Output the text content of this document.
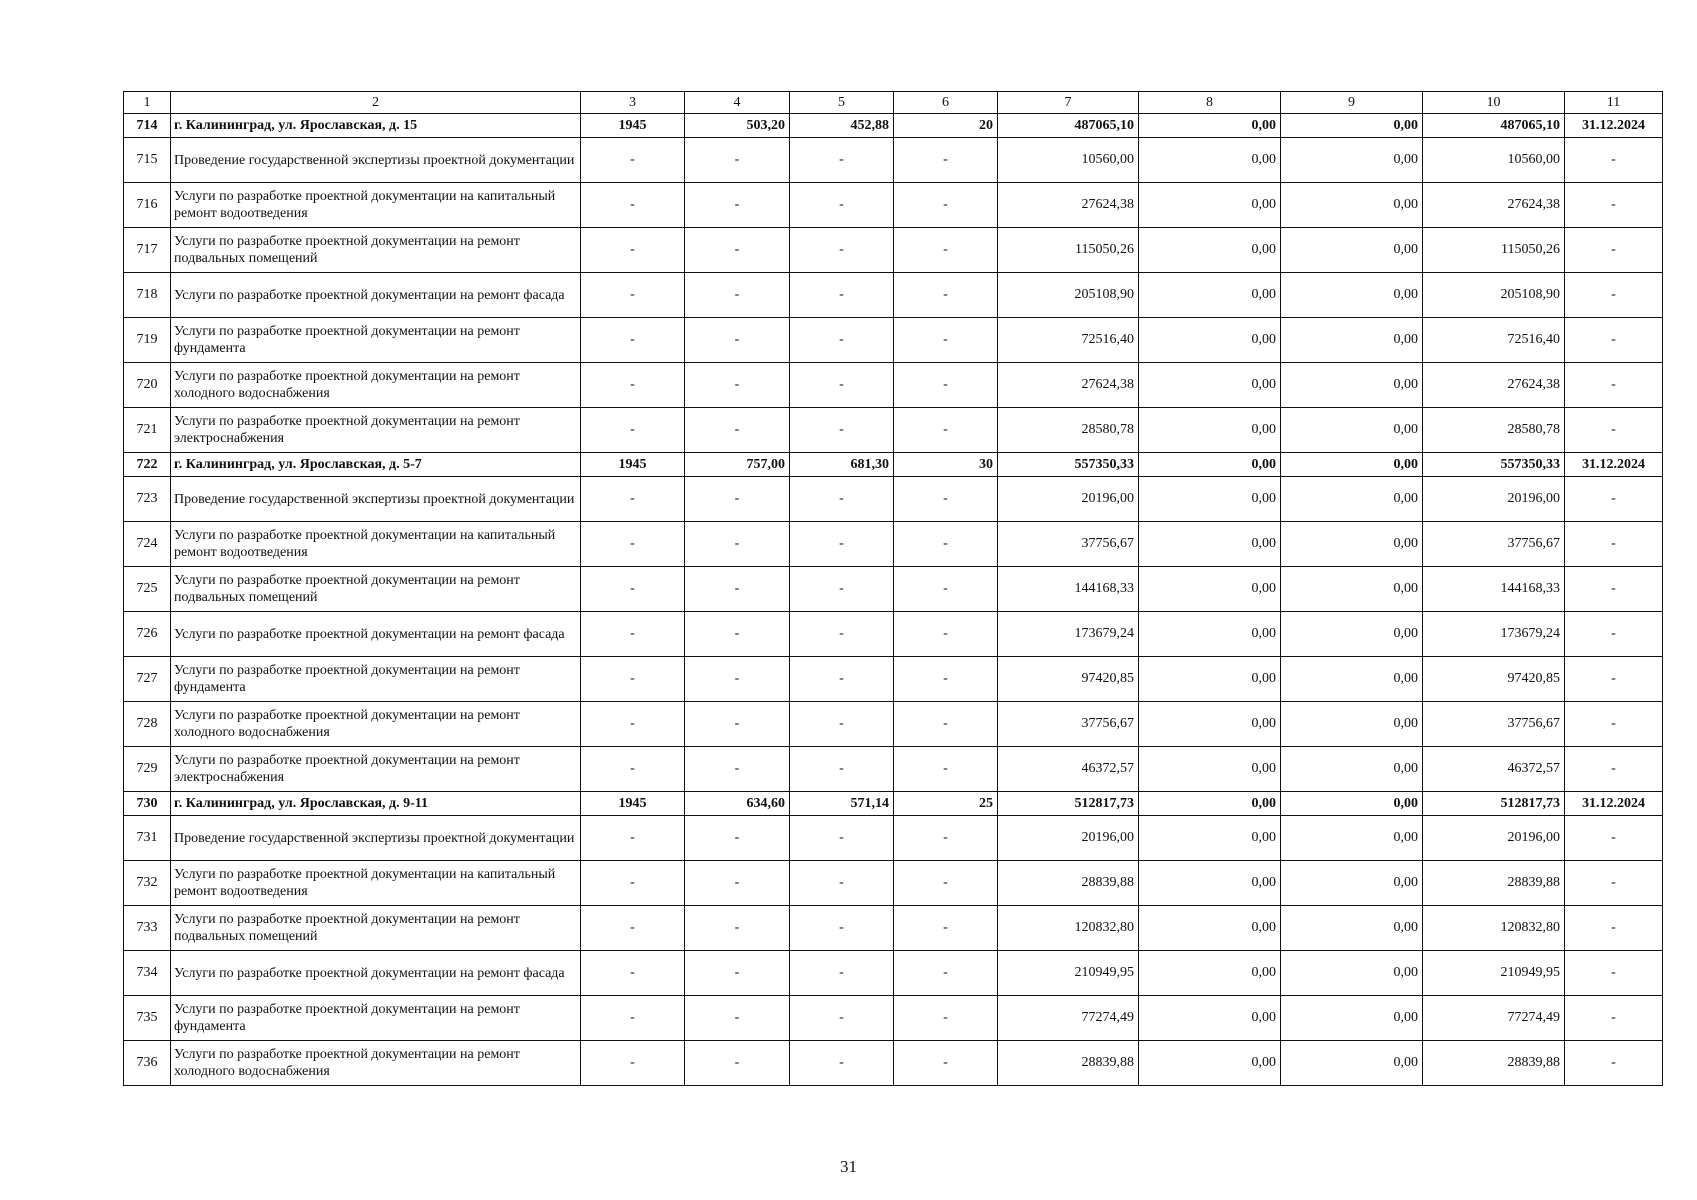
1	2	3	4	5	6	7	8	9	10	11
714	г. Калининград, ул. Ярославская, д. 15	1945	503,20	452,88	20	487065,10	0,00	0,00	487065,10	31.12.2024
715	Проведение государственной экспертизы проектной документации	-	-	-	-	10560,00	0,00	0,00	10560,00	-
716	Услуги по разработке проектной документации на капитальный ремонт водоотведения	-	-	-	-	27624,38	0,00	0,00	27624,38	-
717	Услуги по разработке проектной документации на ремонт подвальных помещений	-	-	-	-	115050,26	0,00	0,00	115050,26	-
718	Услуги по разработке проектной документации на ремонт фасада	-	-	-	-	205108,90	0,00	0,00	205108,90	-
719	Услуги по разработке проектной документации на ремонт фундамента	-	-	-	-	72516,40	0,00	0,00	72516,40	-
720	Услуги по разработке проектной документации на ремонт холодного водоснабжения	-	-	-	-	27624,38	0,00	0,00	27624,38	-
721	Услуги по разработке проектной документации на ремонт электроснабжения	-	-	-	-	28580,78	0,00	0,00	28580,78	-
722	г. Калининград, ул. Ярославская, д. 5-7	1945	757,00	681,30	30	557350,33	0,00	0,00	557350,33	31.12.2024
723	Проведение государственной экспертизы проектной документации	-	-	-	-	20196,00	0,00	0,00	20196,00	-
724	Услуги по разработке проектной документации на капитальный ремонт водоотведения	-	-	-	-	37756,67	0,00	0,00	37756,67	-
725	Услуги по разработке проектной документации на ремонт подвальных помещений	-	-	-	-	144168,33	0,00	0,00	144168,33	-
726	Услуги по разработке проектной документации на ремонт фасада	-	-	-	-	173679,24	0,00	0,00	173679,24	-
727	Услуги по разработке проектной документации на ремонт фундамента	-	-	-	-	97420,85	0,00	0,00	97420,85	-
728	Услуги по разработке проектной документации на ремонт холодного водоснабжения	-	-	-	-	37756,67	0,00	0,00	37756,67	-
729	Услуги по разработке проектной документации на ремонт электроснабжения	-	-	-	-	46372,57	0,00	0,00	46372,57	-
730	г. Калининград, ул. Ярославская, д. 9-11	1945	634,60	571,14	25	512817,73	0,00	0,00	512817,73	31.12.2024
731	Проведение государственной экспертизы проектной документации	-	-	-	-	20196,00	0,00	0,00	20196,00	-
732	Услуги по разработке проектной документации на капитальный ремонт водоотведения	-	-	-	-	28839,88	0,00	0,00	28839,88	-
733	Услуги по разработке проектной документации на ремонт подвальных помещений	-	-	-	-	120832,80	0,00	0,00	120832,80	-
734	Услуги по разработке проектной документации на ремонт фасада	-	-	-	-	210949,95	0,00	0,00	210949,95	-
735	Услуги по разработке проектной документации на ремонт фундамента	-	-	-	-	77274,49	0,00	0,00	77274,49	-
736	Услуги по разработке проектной документации на ремонт холодного водоснабжения	-	-	-	-	28839,88	0,00	0,00	28839,88	-
31
